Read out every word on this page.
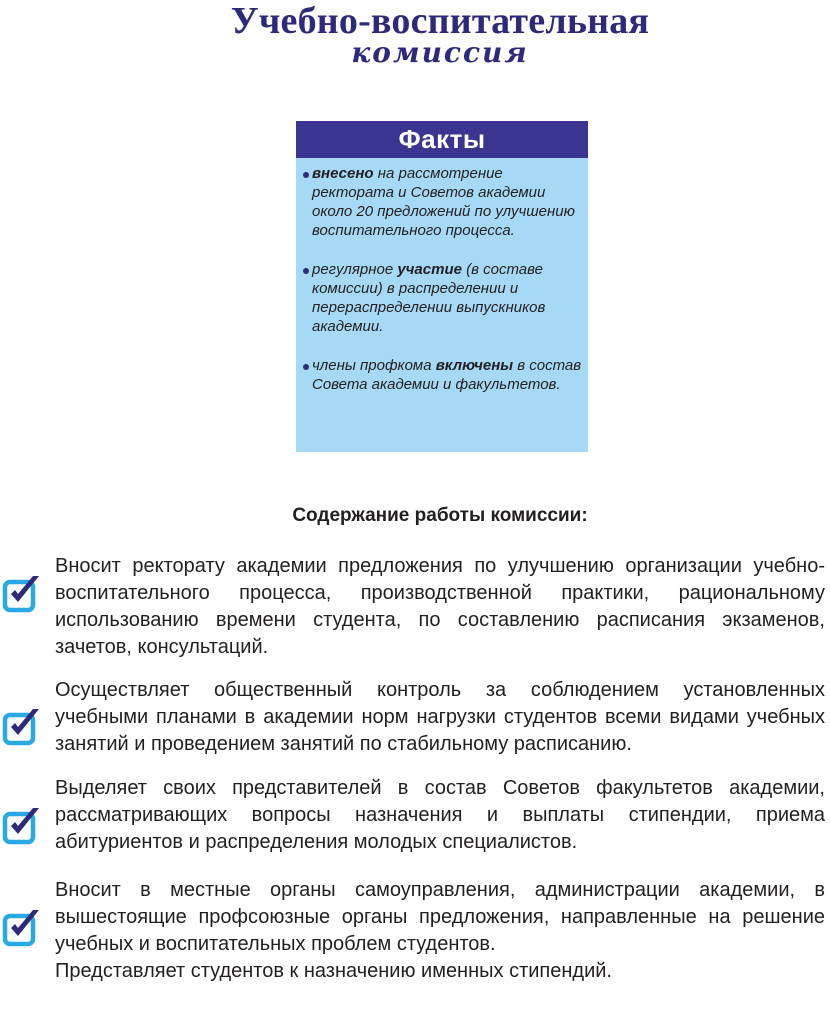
Учебно-воспитательная
комиссия
Факты
внесено на рассмотрение ректората и Советов академии около 20 предложений по улучшению воспитательного процесса.
регулярное участие (в составе комиссии) в распределении и перераспределении выпускников академии.
члены профкома включены в состав Совета академии и факультетов.
Содержание работы комиссии:

Вносит ректорату академии предложения по улучшению организации учебно-воспитательного процесса, производственной практики, рациональному использованию времени студента, по составлению расписания экзаменов, зачетов, консультаций.

Осуществляет общественный контроль за соблюдением установленных учебными планами в академии норм нагрузки студентов всеми видами учебных занятий и проведением занятий по стабильному расписанию.

Выделяет своих представителей в состав Советов факультетов академии, рассматривающих вопросы назначения и выплаты стипендии, приема абитуриентов и распределения молодых специалистов.

Вносит в местные органы самоуправления, администрации академии, в вышестоящие профсоюзные органы предложения, направленные на решение учебных и воспитательных проблем студентов.

Представляет студентов к назначению именных стипендий.
